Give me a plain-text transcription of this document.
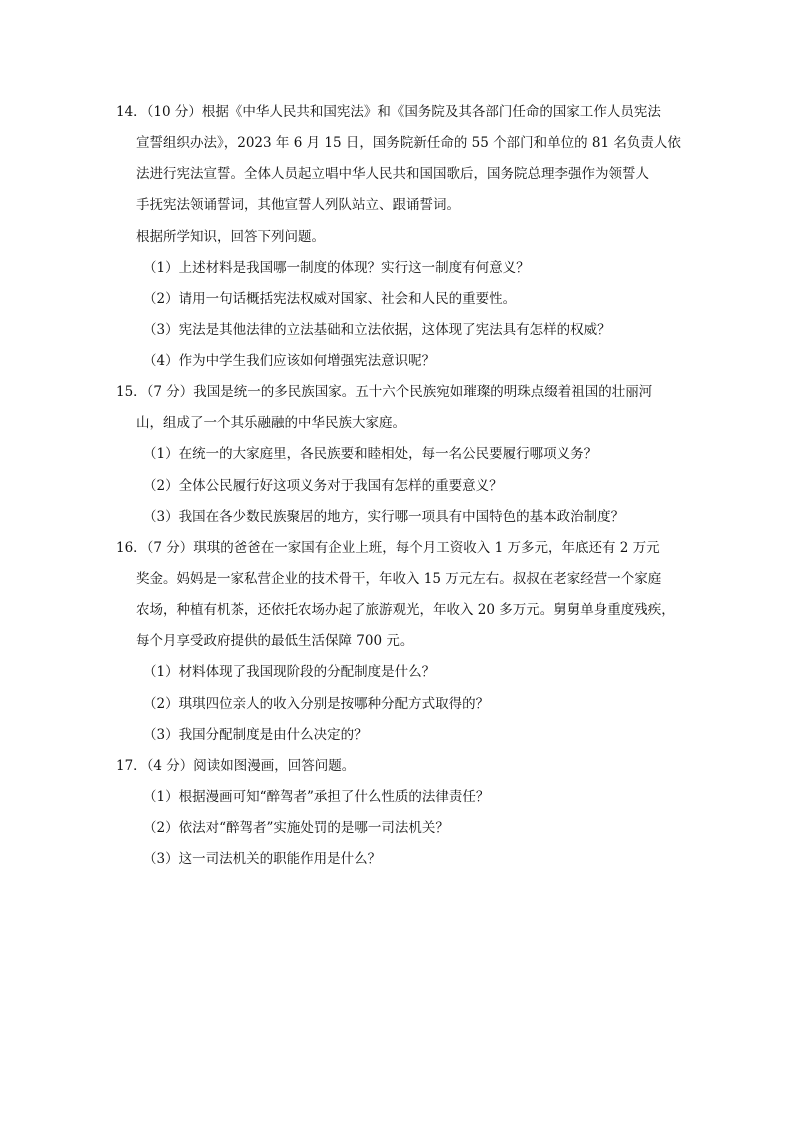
14．（10 分）根据《中华人民共和国宪法》和《国务院及其各部门任命的国家工作人员宪法
宣誓组织办法》，2023 年 6 月 15 日，国务院新任命的 55 个部门和单位的 81 名负责人依
法进行宪法宣誓。全体人员起立唱中华人民共和国国歌后，国务院总理李强作为领誓人
手抚宪法领诵誓词，其他宣誓人列队站立、跟诵誓词。
根据所学知识，回答下列问题。
（1）上述材料是我国哪一制度的体现？实行这一制度有何意义？
（2）请用一句话概括宪法权威对国家、社会和人民的重要性。
（3）宪法是其他法律的立法基础和立法依据，这体现了宪法具有怎样的权威？
（4）作为中学生我们应该如何增强宪法意识呢？
15．（7 分）我国是统一的多民族国家。五十六个民族宛如璀璨的明珠点缀着祖国的壮丽河
山，组成了一个其乐融融的中华民族大家庭。
（1）在统一的大家庭里，各民族要和睦相处，每一名公民要履行哪项义务？
（2）全体公民履行好这项义务对于我国有怎样的重要意义？
（3）我国在各少数民族聚居的地方，实行哪一项具有中国特色的基本政治制度？
16．（7 分）琪琪的爸爸在一家国有企业上班，每个月工资收入 1 万多元，年底还有 2 万元
奖金。妈妈是一家私营企业的技术骨干，年收入 15 万元左右。叔叔在老家经营一个家庭
农场，种植有机茶，还依托农场办起了旅游观光，年收入 20 多万元。舅舅单身重度残疾，
每个月享受政府提供的最低生活保障 700 元。
（1）材料体现了我国现阶段的分配制度是什么？
（2）琪琪四位亲人的收入分别是按哪种分配方式取得的？
（3）我国分配制度是由什么决定的？
17．（4 分）阅读如图漫画，回答问题。
（1）根据漫画可知“醉驾者”承担了什么性质的法律责任？
（2）依法对“醉驾者”实施处罚的是哪一司法机关？
（3）这一司法机关的职能作用是什么？
